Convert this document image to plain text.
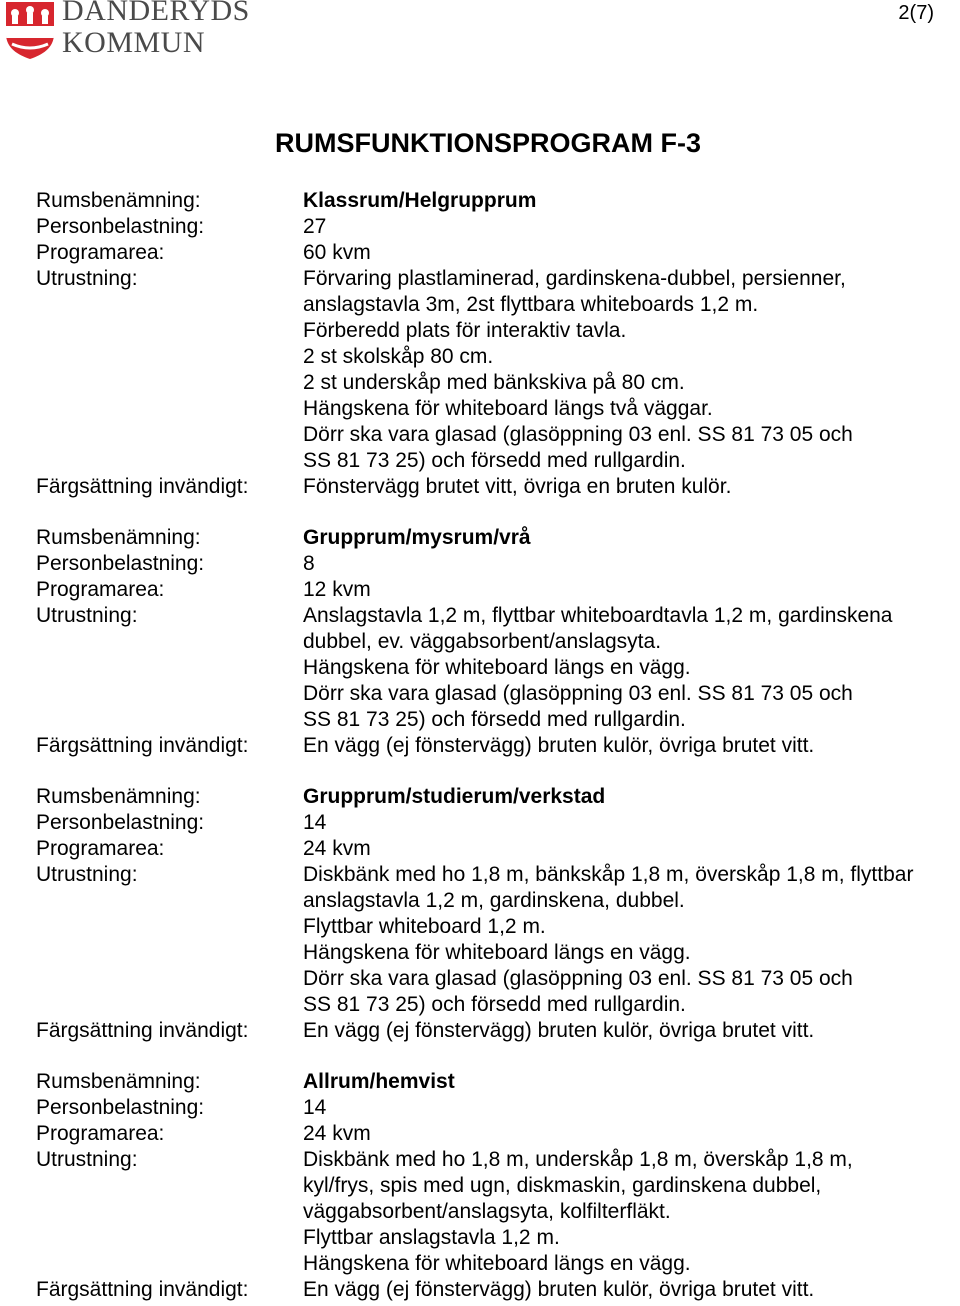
DANDERYDS
KOMMUN
2(7)
RUMSFUNKTIONSPROGRAM F-3
Rumsbenämning:	Klassrum/Helgrupprum
Personbelastning:	27
Programarea:	60 kvm
Utrustning:	Förvaring plastlaminerad, gardinskena-dubbel, persienner,
anslagstavla 3m, 2st flyttbara whiteboards 1,2 m.
Förberedd plats för interaktiv tavla.
2 st skolskåp 80 cm.
2 st underskåp med bänkskiva på 80 cm.
Hängskena för whiteboard längs två väggar.
Dörr ska vara glasad (glasöppning 03 enl. SS 81 73 05 och
SS 81 73 25) och försedd med rullgardin.
Färgsättning invändigt:	Fönstervägg brutet vitt, övriga en bruten kulör.
Rumsbenämning:	Grupprum/mysrum/vrå
Personbelastning:	8
Programarea:	12 kvm
Utrustning:	Anslagstavla 1,2 m, flyttbar whiteboardtavla 1,2 m, gardinskena
dubbel, ev. väggabsorbent/anslagsyta.
Hängskena för whiteboard längs en vägg.
Dörr ska vara glasad (glasöppning 03 enl. SS 81 73 05 och
SS 81 73 25) och försedd med rullgardin.
Färgsättning invändigt:	En vägg (ej fönstervägg) bruten kulör, övriga brutet vitt.
Rumsbenämning:	Grupprum/studierum/verkstad
Personbelastning:	14
Programarea:	24 kvm
Utrustning:	Diskbänk med ho 1,8 m, bänkskåp 1,8 m, överskåp 1,8 m, flyttbar
anslagstavla 1,2 m, gardinskena, dubbel.
Flyttbar whiteboard 1,2 m.
Hängskena för whiteboard längs en vägg.
Dörr ska vara glasad (glasöppning 03 enl. SS 81 73 05 och
SS 81 73 25) och försedd med rullgardin.
Färgsättning invändigt:	En vägg (ej fönstervägg) bruten kulör, övriga brutet vitt.
Rumsbenämning:	Allrum/hemvist
Personbelastning:	14
Programarea:	24 kvm
Utrustning:	Diskbänk med ho 1,8 m, underskåp 1,8 m, överskåp 1,8 m,
kyl/frys, spis med ugn, diskmaskin, gardinskena dubbel,
väggabsorbent/anslagsyta, kolfilterfläkt.
Flyttbar anslagstavla 1,2 m.
Hängskena för whiteboard längs en vägg.
Färgsättning invändigt:	En vägg (ej fönstervägg) bruten kulör, övriga brutet vitt.
